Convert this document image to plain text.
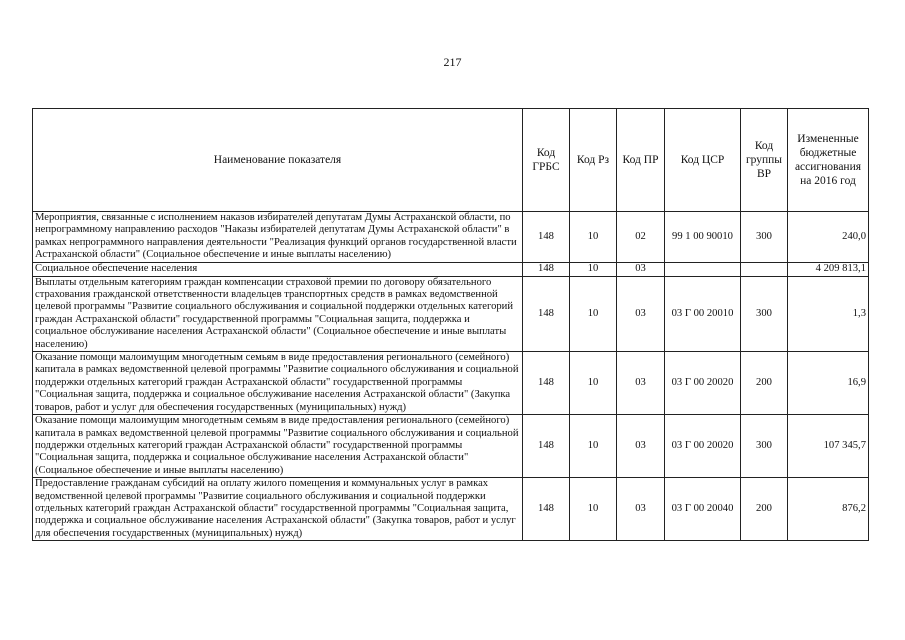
217
Наименование показателя	Код ГРБС	Код Рз	Код ПР	Код ЦСР	Код группы ВР	Измененные бюджетные ассигнования на 2016 год
Мероприятия, связанные с исполнением наказов избирателей депутатам Думы Астраханской области, по непрограммному направлению расходов "Наказы избирателей депутатам Думы Астраханской области" в рамках непрограммного направления деятельности "Реализация функций органов государственной власти Астраханской области" (Социальное обеспечение и иные выплаты населению)	148	10	02	99 1 00 90010	300	240,0
Социальное обеспечение населения	148	10	03			4 209 813,1
Выплаты отдельным категориям граждан компенсации страховой премии по договору обязательного страхования гражданской ответственности владельцев транспортных средств в рамках ведомственной целевой программы "Развитие социального обслуживания и социальной поддержки отдельных категорий граждан Астраханской области" государственной программы "Социальная защита, поддержка и социальное обслуживание населения Астраханской области" (Социальное обеспечение и иные выплаты населению)	148	10	03	03 Г 00 20010	300	1,3
Оказание помощи малоимущим многодетным семьям в виде предоставления регионального (семейного) капитала в рамках ведомственной целевой программы "Развитие социального обслуживания и социальной поддержки отдельных категорий граждан Астраханской области" государственной программы "Социальная защита, поддержка и социальное обслуживание населения Астраханской области" (Закупка товаров, работ и услуг для обеспечения государственных (муниципальных) нужд)	148	10	03	03 Г 00 20020	200	16,9
Оказание помощи малоимущим многодетным семьям в виде предоставления регионального (семейного) капитала в рамках ведомственной целевой программы "Развитие социального обслуживания и социальной поддержки отдельных категорий граждан Астраханской области" государственной программы "Социальная защита, поддержка и социальное обслуживание населения Астраханской области" (Социальное обеспечение и иные выплаты населению)	148	10	03	03 Г 00 20020	300	107 345,7
Предоставление гражданам субсидий на оплату жилого помещения и коммунальных услуг в рамках ведомственной целевой программы "Развитие социального обслуживания и социальной поддержки отдельных категорий граждан Астраханской области" государственной программы "Социальная защита, поддержка и социальное обслуживание населения Астраханской области" (Закупка товаров, работ и услуг для обеспечения государственных (муниципальных) нужд)	148	10	03	03 Г 00 20040	200	876,2
